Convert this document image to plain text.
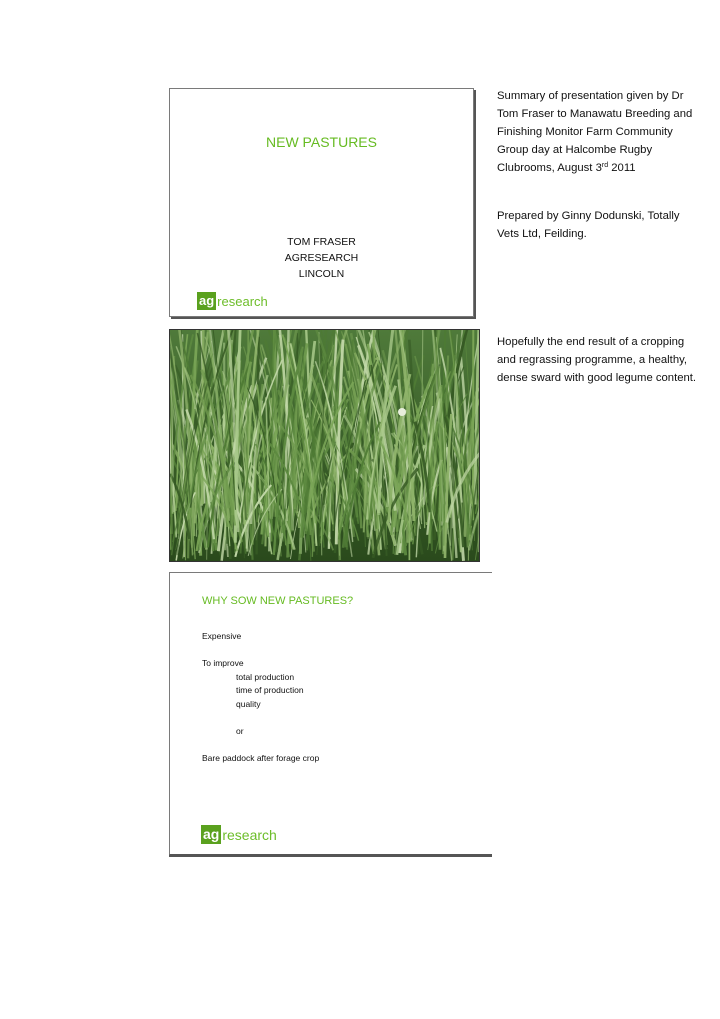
NEW PASTURES
TOM FRASER
AGRESEARCH
LINCOLN
ag research
Summary of presentation given by Dr Tom Fraser to Manawatu Breeding and Finishing Monitor Farm Community Group day at Halcombe Rugby Clubrooms, August 3rd 2011
Prepared by Ginny Dodunski, Totally Vets Ltd, Feilding.
Hopefully the end result of a cropping and regrassing programme, a healthy, dense sward with good legume content.
WHY SOW NEW PASTURES?
Expensive
To improve
total production
time of production
quality
or
Bare paddock after forage crop
ag research
